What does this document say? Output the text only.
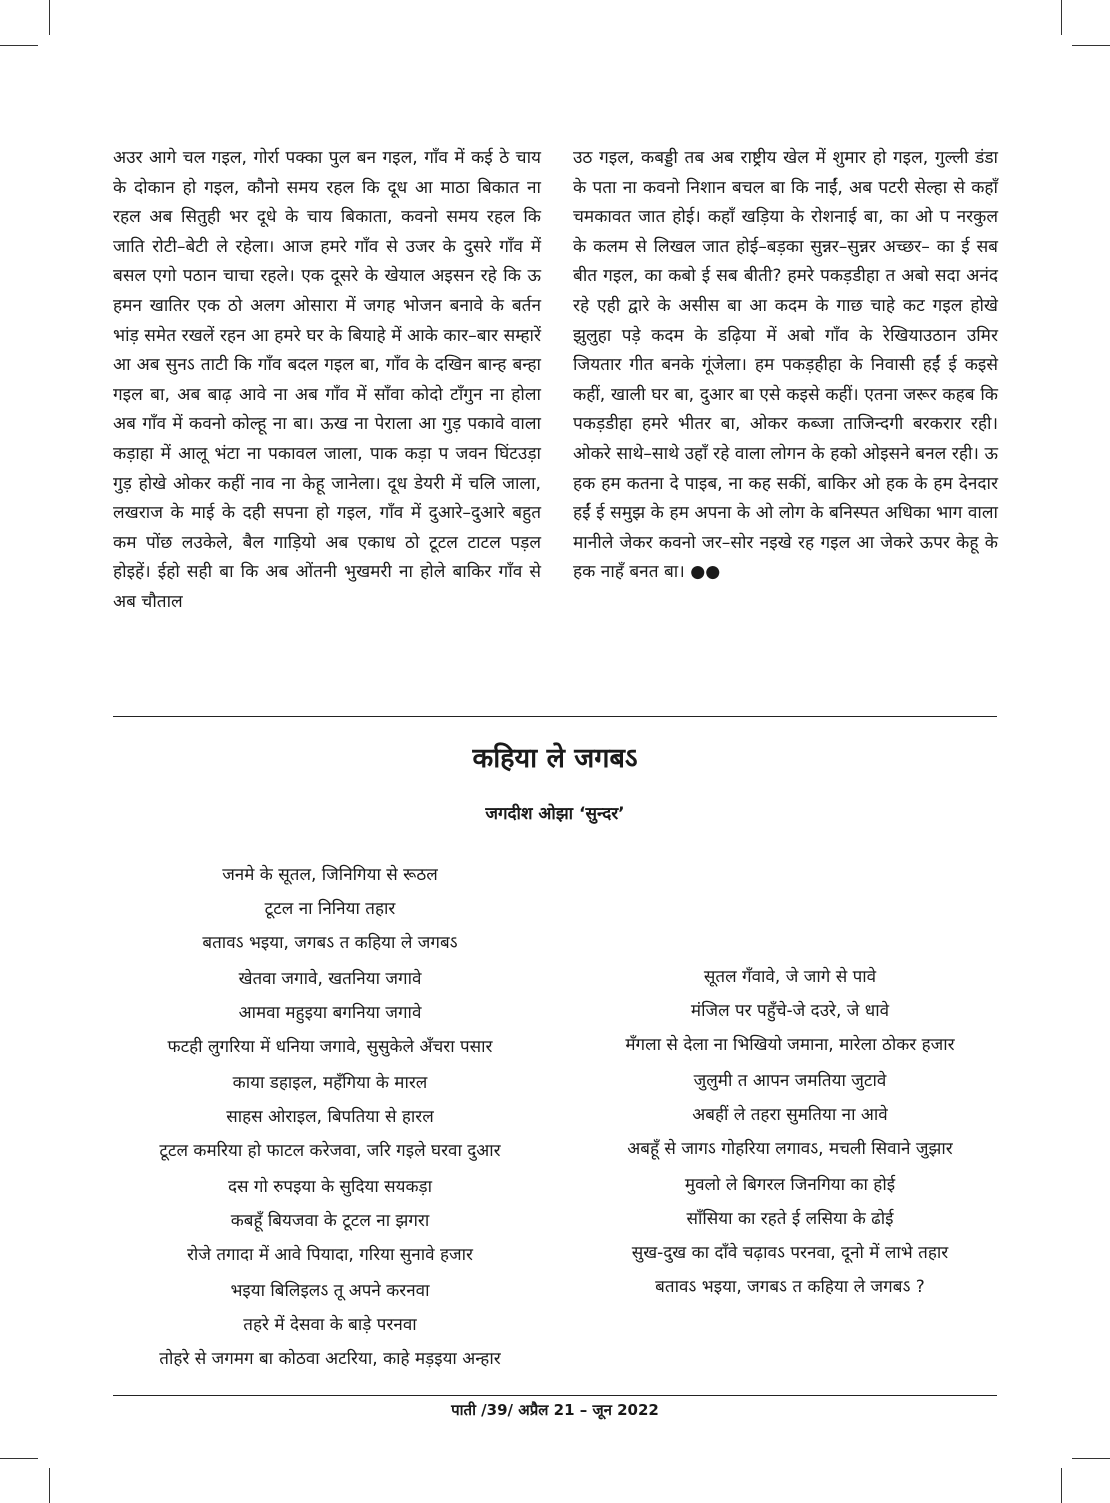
अउर आगे चल गइल, गोर्रा पक्का पुल बन गइल, गाँव में कई ठे चाय के दोकान हो गइल, कौनो समय रहल कि दूध आ माठा बिकात ना रहल अब सितुही भर दूधे के चाय बिकाता, कवनो समय रहल कि जाति रोटी–बेटी ले रहेला। आज हमरे गाँव से उजर के दुसरे गाँव में बसल एगो पठान चाचा रहले। एक दूसरे के खेयाल अइसन रहे कि ऊ हमन खातिर एक ठो अलग ओसारा में जगह भोजन बनावे के बर्तन भांड़ समेत रखलें रहन आ हमरे घर के बियाहे में आके कार–बार सम्हारें आ अब सुनऽ ताटी कि गाँव बदल गइल बा, गाँव के दखिन बान्ह बन्हा गइल बा, अब बाढ़ आवे ना अब गाँव में साँवा कोदो टाँगुन ना होला अब गाँव में कवनो कोल्हू ना बा। ऊख ना पेराला आ गुड़ पकावे वाला कड़ाहा में आलू भंटा ना पकावल जाला, पाक कड़ा प जवन घिंटउड़ा गुड़ होखे ओकर कहीं नाव ना केहू जानेला। दूध डेयरी में चलि जाला, लखराज के माई के दही सपना हो गइल, गाँव में दुआरे–दुआरे बहुत कम पोंछ लउकेले, बैल गाड़ियो अब एकाध ठो टूटल टाटल पड़ल होइहें। ईहो सही बा कि अब ओंतनी भुखमरी ना होले बाकिर गाँव से अब चौताल

उठ गइल, कबड्डी तब अब राष्ट्रीय खेल में शुमार हो गइल, गुल्ली डंडा के पता ना कवनो निशान बचल बा कि नाईं, अब पटरी सेल्हा से कहाँ चमकावत जात होई। कहाँ खड़िया के रोशनाई बा, का ओ प नरकुल के कलम से लिखल जात होई–बड़का सुन्नर–सुन्नर अच्छर– का ई सब बीत गइल, का कबो ई सब बीती? हमरे पकड़डीहा त अबो सदा अनंद रहे एही द्वारे के असीस बा आ कदम के गाछ चाहे कट गइल होखे झुलुहा पड़े कदम के डढ़िया में अबो गाँव के रेखियाउठान उमिर जियतार गीत बनके गूंजेला। हम पकड़हीहा के निवासी हईं ई कइसे कहीं, खाली घर बा, दुआर बा एसे कइसे कहीं। एतना जरूर कहब कि पकड़डीहा हमरे भीतर बा, ओकर कब्जा ताजिन्दगी बरकरार रही। ओकरे साथे–साथे उहाँ रहे वाला लोगन के हको ओइसने बनल रही। ऊ हक हम कतना दे पाइब, ना कह सकीं, बाकिर ओ हक के हम देनदार हईं ई समुझ के हम अपना के ओ लोग के बनिस्पत अधिका भाग वाला मानीले जेकर कवनो जर–सोर नइखे रह गइल आ जेकरे ऊपर केहू के हक नाहँ बनत बा। ●●

कहिया ले जगबऽ
जगदीश ओझा ‘सुन्दर’
जनमे के सूतल, जिनिगिया से रूठल
टूटल ना निनिया तहार
बतावऽ भइया, जगबऽ त कहिया ले जगबऽ
खेतवा जगावे, खतनिया जगावे
आमवा महुइया बगनिया जगावे
फटही लुगरिया में धनिया जगावे, सुसुकेले अँचरा पसार
काया डहाइल, महँगिया के मारल
साहस ओराइल, बिपतिया से हारल
टूटल कमरिया हो फाटल करेजवा, जरि गइले घरवा दुआर
दस गो रुपइया के सुदिया सयकड़ा
कबहूँ बियजवा के टूटल ना झगरा
रोजे तगादा में आवे पियादा, गरिया सुनावे हजार
भइया बिलिइलऽ तू अपने करनवा
तहरे में देसवा के बाड़े परनवा
तोहरे से जगमग बा कोठवा अटरिया, काहे मड़इया अन्हार
सूतल गँवावे, जे जागे से पावे
मंजिल पर पहुँचे-जे दउरे, जे धावे
मँगला से देला ना भिखियो जमाना, मारेला ठोकर हजार
जुलुमी त आपन जमतिया जुटावे
अबहीं ले तहरा सुमतिया ना आवे
अबहूँ से जागऽ गोहरिया लगावऽ, मचली सिवाने जुझार
मुवलो ले बिगरल जिनगिया का होई
साँसिया का रहते ई लसिया के ढोई
सुख-दुख का दाँवे चढ़ावऽ परनवा, दूनो में लाभे तहार
बतावऽ भइया, जगबऽ त कहिया ले जगबऽ ?
पाती /39/ अप्रैल 21 – जून 2022
